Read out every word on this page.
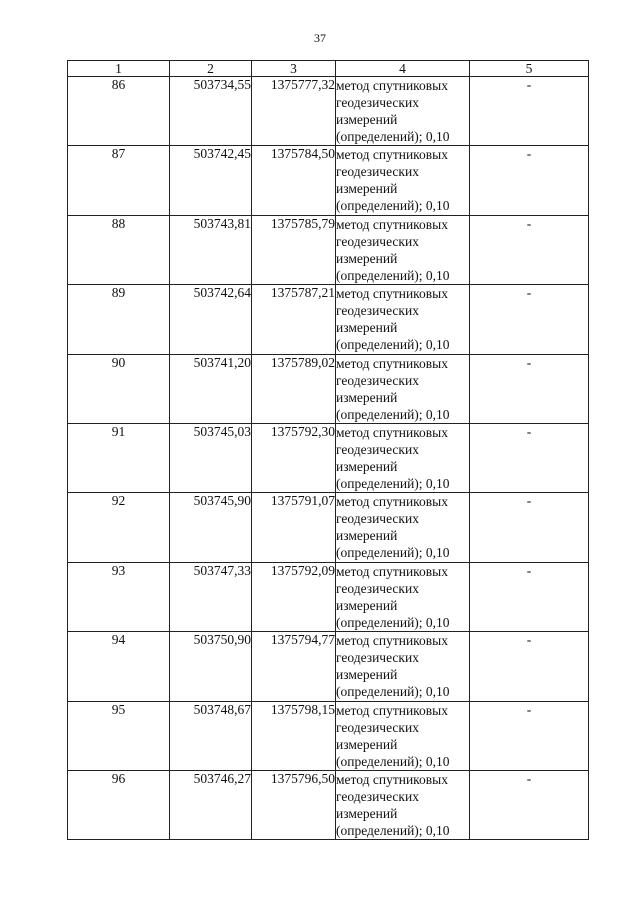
37
1	2	3	4	5
86	503734,55	1375777,32	метод спутниковых
геодезических
измерений
(определений); 0,10	-
87	503742,45	1375784,50	метод спутниковых
геодезических
измерений
(определений); 0,10	-
88	503743,81	1375785,79	метод спутниковых
геодезических
измерений
(определений); 0,10	-
89	503742,64	1375787,21	метод спутниковых
геодезических
измерений
(определений); 0,10	-
90	503741,20	1375789,02	метод спутниковых
геодезических
измерений
(определений); 0,10	-
91	503745,03	1375792,30	метод спутниковых
геодезических
измерений
(определений); 0,10	-
92	503745,90	1375791,07	метод спутниковых
геодезических
измерений
(определений); 0,10	-
93	503747,33	1375792,09	метод спутниковых
геодезических
измерений
(определений); 0,10	-
94	503750,90	1375794,77	метод спутниковых
геодезических
измерений
(определений); 0,10	-
95	503748,67	1375798,15	метод спутниковых
геодезических
измерений
(определений); 0,10	-
96	503746,27	1375796,50	метод спутниковых
геодезических
измерений
(определений); 0,10	-
